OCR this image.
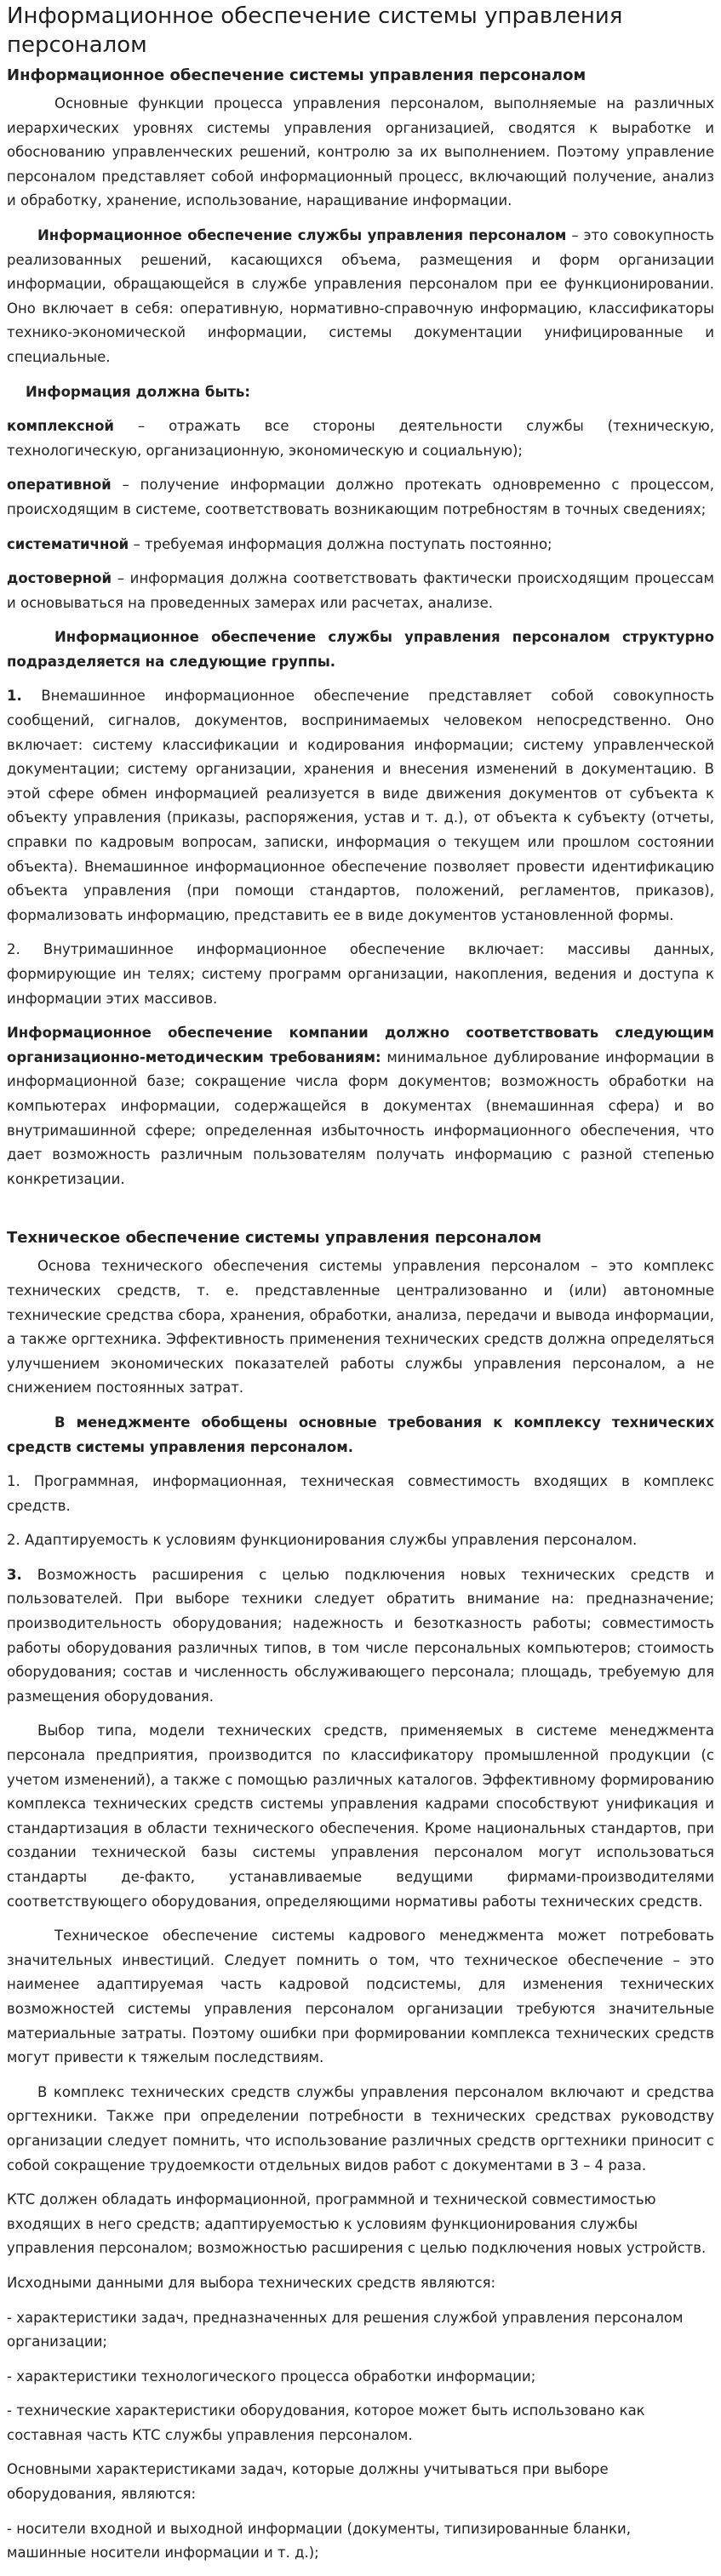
Информационное обеспечение системы управления персоналом
Информационное обеспечение системы управления персоналом

Основные функции процесса управления персоналом, выполняемые на различных иерархических уровнях системы управления организацией, сводятся к выработке и обоснованию управленческих решений, контролю за их выполнением. Поэтому управление персоналом представляет собой информационный процесс, включающий получение, анализ и обработку, хранение, использование, наращивание информации.

Информационное обеспечение службы управления персоналом – это совокупность реализованных решений, касающихся объема, размещения и форм организации информации, обращающейся в службе управления персоналом при ее функционировании. Оно включает в себя: оперативную, нормативно-справочную информацию, классификаторы технико-экономической информации, системы документации унифицированные и специальные.

Информация должна быть:

комплексной – отражать все стороны деятельности службы (техническую, технологическую, организационную, экономическую и социальную);

оперативной – получение информации должно протекать одновременно с процессом, происходящим в системе, соответствовать возникающим потребностям в точных сведениях;

систематичной – требуемая информация должна поступать постоянно;

достоверной – информация должна соответствовать фактически происходящим процессам и основываться на проведенных замерах или расчетах, анализе.

Информационное обеспечение службы управления персоналом структурно подразделяется на следующие группы.

1. Внемашинное информационное обеспечение представляет собой совокупность сообщений, сигналов, документов, воспринимаемых человеком непосредственно. Оно включает: систему классификации и кодирования информации; систему управленческой документации; систему организации, хранения и внесения изменений в документацию. В этой сфере обмен информацией реализуется в виде движения документов от субъекта к объекту управления (приказы, распоряжения, устав и т. д.), от объекта к субъекту (отчеты, справки по кадровым вопросам, записки, информация о текущем или прошлом состоянии объекта). Внемашинное информационное обеспечение позволяет провести идентификацию объекта управления (при помощи стандартов, положений, регламентов, приказов), формализовать информацию, представить ее в виде документов установленной формы.

2. Внутримашинное информационное обеспечение включает: массивы данных, формирующие ин телях; систему программ организации, накопления, ведения и доступа к информации этих массивов.

Информационное обеспечение компании должно соответствовать следующим организационно-методическим требованиям: минимальное дублирование информации в информационной базе; сокращение числа форм документов; возможность обработки на компьютерах информации, содержащейся в документах (внемашинная сфера) и во внутримашинной сфере; определенная избыточность информационного обеспечения, что дает возможность различным пользователям получать информацию с разной степенью конкретизации.

Техническое обеспечение системы управления персоналом

Основа технического обеспечения системы управления персоналом – это комплекс технических средств, т. е. представленные централизованно и (или) автономные технические средства сбора, хранения, обработки, анализа, передачи и вывода информации, а также оргтехника. Эффективность применения технических средств должна определяться улучшением экономических показателей работы службы управления персоналом, а не снижением постоянных затрат.

В менеджменте обобщены основные требования к комплексу технических средств системы управления персоналом.

1. Программная, информационная, техническая совместимость входящих в комплекс средств.

2. Адаптируемость к условиям функционирования службы управления персоналом.

3. Возможность расширения с целью подключения новых технических средств и пользователей. При выборе техники следует обратить внимание на: предназначение; производительность оборудования; надежность и безотказность работы; совместимость работы оборудования различных типов, в том числе персональных компьютеров; стоимость оборудования; состав и численность обслуживающего персонала; площадь, требуемую для размещения оборудования.

Выбор типа, модели технических средств, применяемых в системе менеджмента персонала предприятия, производится по классификатору промышленной продукции (с учетом изменений), а также с помощью различных каталогов. Эффективному формированию комплекса технических средств системы управления кадрами способствуют унификация и стандартизация в области технического обеспечения. Кроме национальных стандартов, при создании технической базы системы управления персоналом могут использоваться стандарты де-факто, устанавливаемые ведущими фирмами-производителями соответствующего оборудования, определяющими нормативы работы технических средств.

Техническое обеспечение системы кадрового менеджмента может потребовать значительных инвестиций. Следует помнить о том, что техническое обеспечение – это наименее адаптируемая часть кадровой подсистемы, для изменения технических возможностей системы управления персоналом организации требуются значительные материальные затраты. Поэтому ошибки при формировании комплекса технических средств могут привести к тяжелым последствиям.

В комплекс технических средств службы управления персоналом включают и средства оргтехники. Также при определении потребности в технических средствах руководству организации следует помнить, что использование различных средств оргтехники приносит с собой сокращение трудоемкости отдельных видов работ с документами в 3 – 4 раза.

КТС должен обладать информационной, программной и технической совместимостью входящих в него средств; адаптируемостью к условиям функционирования службы управления персоналом; возможностью расширения с целью подключения новых устройств.

Исходными данными для выбора технических средств являются:

- характеристики задач, предназначенных для решения службой управления персоналом организации;

- характеристики технологического процесса обработки информации;

- технические характеристики оборудования, которое может быть использовано как составная часть КТС службы управления персоналом.

Основными характеристиками задач, которые должны учитываться при выборе оборудования, являются:

- носители входной и выходной информации (документы, типизированные бланки, машинные носители информации и т. д.);
